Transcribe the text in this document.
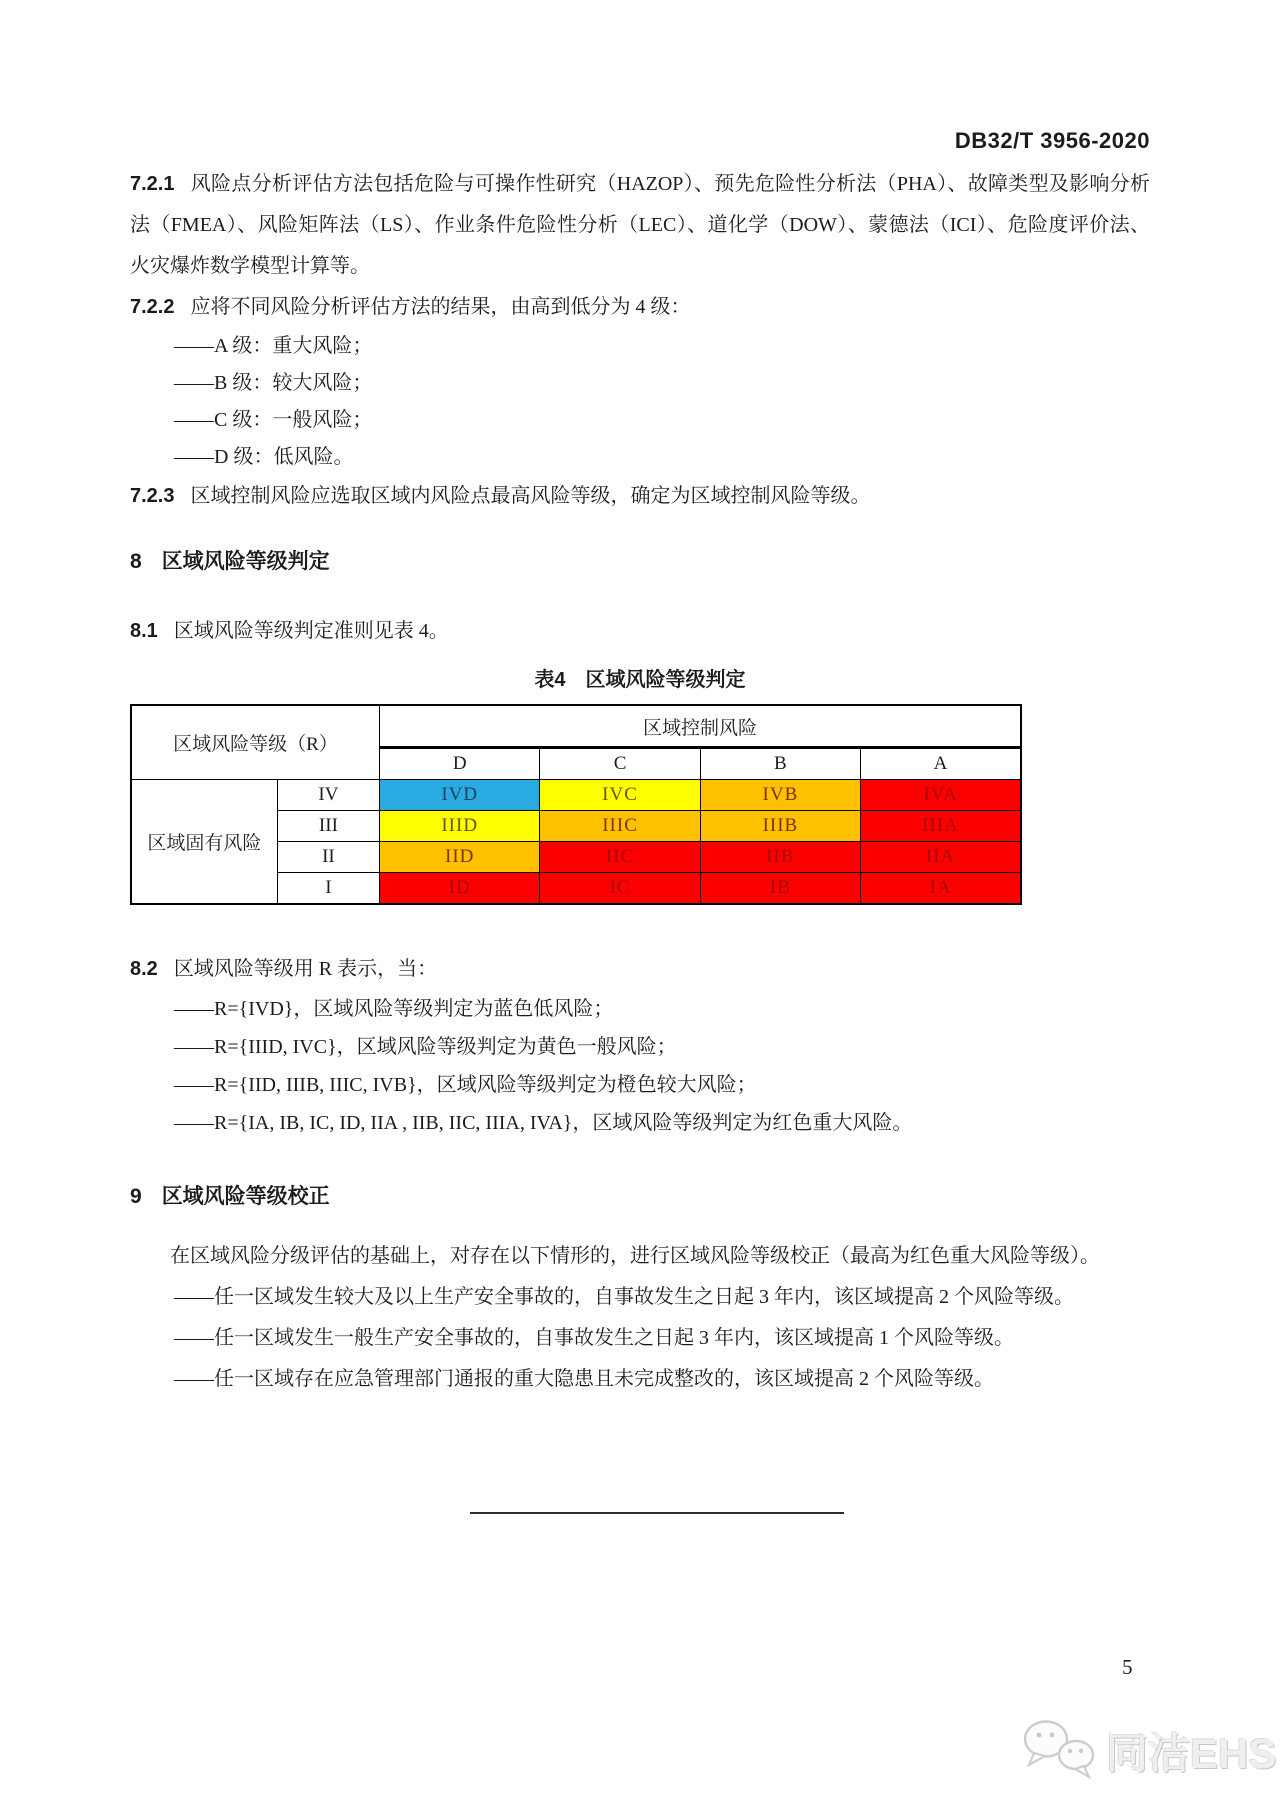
DB32/T 3956-2020

7.2.1 风险点分析评估方法包括危险与可操作性研究（HAZOP）、预先危险性分析法（PHA）、故障类型及影响分析法（FMEA）、风险矩阵法（LS）、作业条件危险性分析（LEC）、道化学（DOW）、蒙德法（ICI）、危险度评价法、火灾爆炸数学模型计算等。

7.2.2 应将不同风险分析评估方法的结果，由高到低分为 4 级：

——A 级：重大风险；

——B 级：较大风险；

——C 级：一般风险；

——D 级：低风险。

7.2.3 区域控制风险应选取区域内风险点最高风险等级，确定为区域控制风险等级。

8 区域风险等级判定

8.1 区域风险等级判定准则见表 4。

表4　区域风险等级判定

区域风险等级（R）		区域控制风险			
		D	C	B	A
区域固有风险	IV	IVD	IVC	IVB	IVA
	III	IIID	IIIC	IIIB	IIIA
	II	IID	IIC	IIB	IIA
	I	ID	IC	IB	IA

8.2 区域风险等级用 R 表示，当：

——R={IVD}，区域风险等级判定为蓝色低风险；

——R={IIID, IVC}，区域风险等级判定为黄色一般风险；

——R={IID, IIIB, IIIC, IVB}，区域风险等级判定为橙色较大风险；

——R={IA, IB, IC, ID, IIA , IIB, IIC, IIIA, IVA}，区域风险等级判定为红色重大风险。

9 区域风险等级校正

在区域风险分级评估的基础上，对存在以下情形的，进行区域风险等级校正（最高为红色重大风险等级）。

——任一区域发生较大及以上生产安全事故的，自事故发生之日起 3 年内，该区域提高 2 个风险等级。

——任一区域发生一般生产安全事故的，自事故发生之日起 3 年内，该区域提高 1 个风险等级。

——任一区域存在应急管理部门通报的重大隐患且未完成整改的，该区域提高 2 个风险等级。

5

同洁EHS
